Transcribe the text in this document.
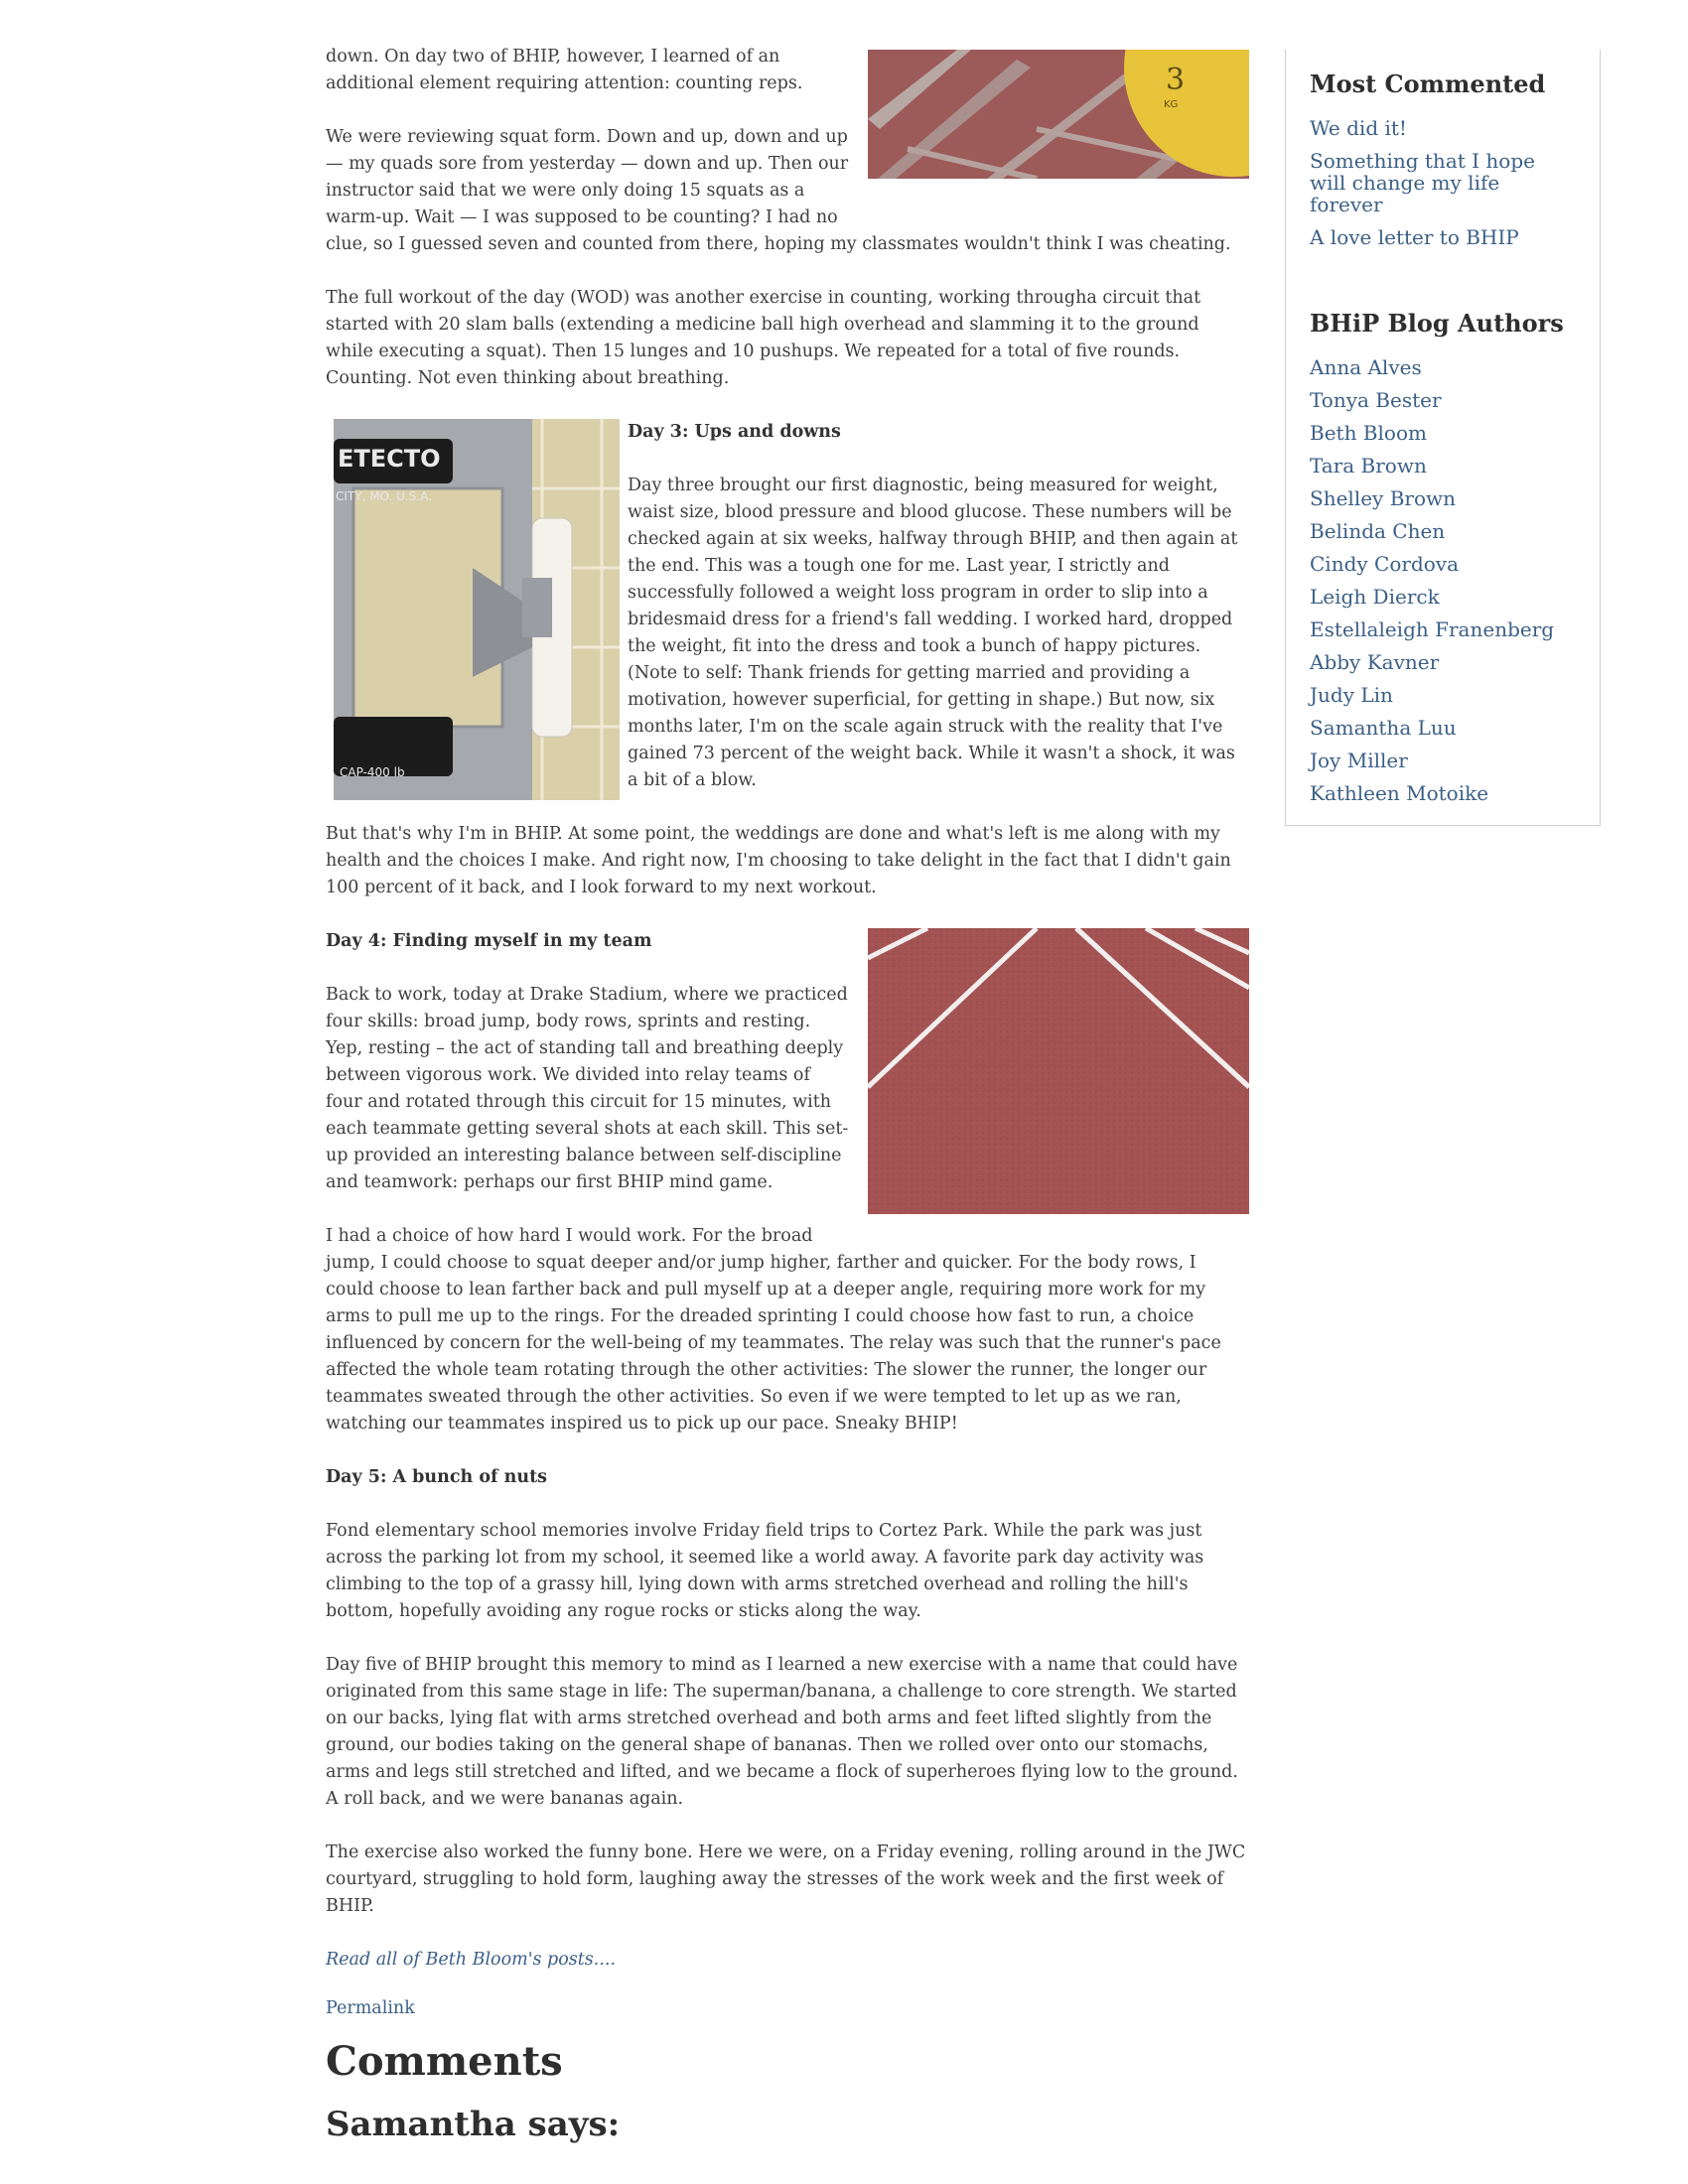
3
KG

down. On day two of BHIP, however, I learned of an additional element requiring attention: counting reps.

We were reviewing squat form. Down and up, down and up — my quads sore from yesterday — down and up. Then our instructor said that we were only doing 15 squats as a warm-up. Wait — I was supposed to be counting? I had no clue, so I guessed seven and counted from there, hoping my classmates wouldn't think I was cheating.

The full workout of the day (WOD) was another exercise in counting, working througha circuit that started with 20 slam balls (extending a medicine ball high overhead and slamming it to the ground while executing a squat). Then 15 lunges and 10 pushups. We repeated for a total of five rounds. Counting. Not even thinking about breathing.

ETECTO
CITY, MO. U.S.A.
CAP-400 lb
Day 3: Ups and downs

Day three brought our first diagnostic, being measured for weight, waist size, blood pressure and blood glucose. These numbers will be checked again at six weeks, halfway through BHIP, and then again at the end. This was a tough one for me. Last year, I strictly and successfully followed a weight loss program in order to slip into a bridesmaid dress for a friend's fall wedding. I worked hard, dropped the weight, fit into the dress and took a bunch of happy pictures. (Note to self: Thank friends for getting married and providing a motivation, however superficial, for getting in shape.) But now, six months later, I'm on the scale again struck with the reality that I've gained 73 percent of the weight back. While it wasn't a shock, it was a bit of a blow.

But that's why I'm in BHIP. At some point, the weddings are done and what's left is me along with my health and the choices I make. And right now, I'm choosing to take delight in the fact that I didn't gain 100 percent of it back, and I look forward to my next workout.

Day 4: Finding myself in my team

Back to work, today at Drake Stadium, where we practiced four skills: broad jump, body rows, sprints and resting. Yep, resting – the act of standing tall and breathing deeply between vigorous work. We divided into relay teams of four and rotated through this circuit for 15 minutes, with each teammate getting several shots at each skill. This set-up provided an interesting balance between self-discipline and teamwork: perhaps our first BHIP mind game.

I had a choice of how hard I would work. For the broad jump, I could choose to squat deeper and/or jump higher, farther and quicker. For the body rows, I could choose to lean farther back and pull myself up at a deeper angle, requiring more work for my arms to pull me up to the rings. For the dreaded sprinting I could choose how fast to run, a choice influenced by concern for the well-being of my teammates. The relay was such that the runner's pace affected the whole team rotating through the other activities: The slower the runner, the longer our teammates sweated through the other activities. So even if we were tempted to let up as we ran, watching our teammates inspired us to pick up our pace. Sneaky BHIP!

Day 5: A bunch of nuts

Fond elementary school memories involve Friday field trips to Cortez Park. While the park was just across the parking lot from my school, it seemed like a world away. A favorite park day activity was climbing to the top of a grassy hill, lying down with arms stretched overhead and rolling the hill's bottom, hopefully avoiding any rogue rocks or sticks along the way.

Day five of BHIP brought this memory to mind as I learned a new exercise with a name that could have originated from this same stage in life: The superman/banana, a challenge to core strength. We started on our backs, lying flat with arms stretched overhead and both arms and feet lifted slightly from the ground, our bodies taking on the general shape of bananas. Then we rolled over onto our stomachs, arms and legs still stretched and lifted, and we became a flock of superheroes flying low to the ground. A roll back, and we were bananas again.

The exercise also worked the funny bone. Here we were, on a Friday evening, rolling around in the JWC courtyard, struggling to hold form, laughing away the stresses of the work week and the first week of BHIP.

Read all of Beth Bloom's posts....

Permalink

Comments
Samantha says:
Most Commented
We did it!
Something that I hope will change my life forever
A love letter to BHIP
BHiP Blog Authors
Anna Alves
Tonya Bester
Beth Bloom
Tara Brown
Shelley Brown
Belinda Chen
Cindy Cordova
Leigh Dierck
Estellaleigh Franenberg
Abby Kavner
Judy Lin
Samantha Luu
Joy Miller
Kathleen Motoike
